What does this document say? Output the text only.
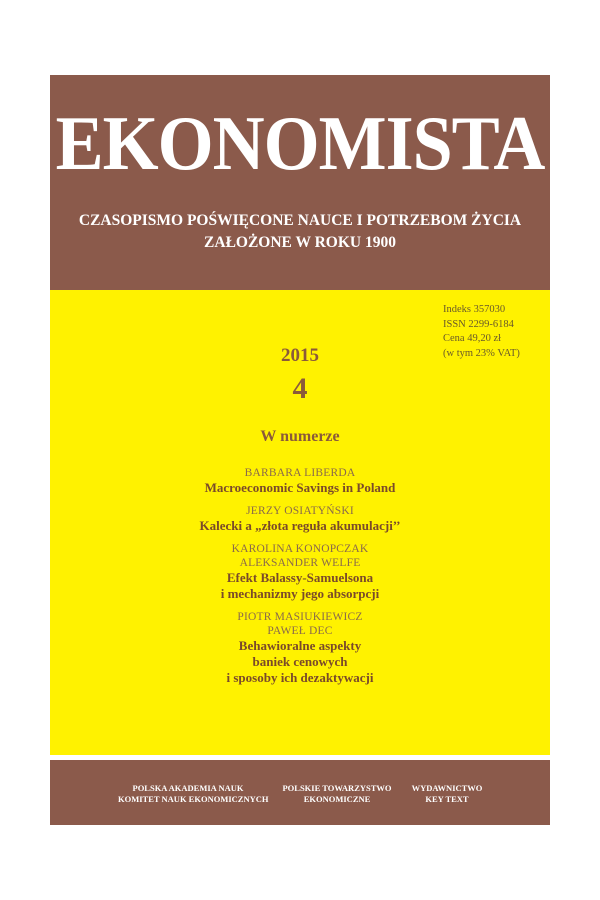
EKONOMISTA
CZASOPISMO POŚWIĘCONE NAUCE I POTRZEBOM ŻYCIA
ZAŁOŻONE W ROKU 1900
Indeks 357030
ISSN 2299-6184
Cena 49,20 zł
(w tym 23% VAT)
2015
4
W numerze
BARBARA LIBERDA
Macroeconomic Savings in Poland
JERZY OSIATYŃSKI
Kalecki a „złota reguła akumulacji’’
KAROLINA KONOPCZAK
ALEKSANDER WELFE
Efekt Balassy-Samuelsona
i mechanizmy jego absorpcji
PIOTR MASIUKIEWICZ
PAWEŁ DEC
Behawioralne aspekty
baniek cenowych
i sposoby ich dezaktywacji
POLSKA AKADEMIA NAUK
KOMITET NAUK EKONOMICZNYCH
POLSKIE TOWARZYSTWO
EKONOMICZNE
WYDAWNICTWO
KEY TEXT
